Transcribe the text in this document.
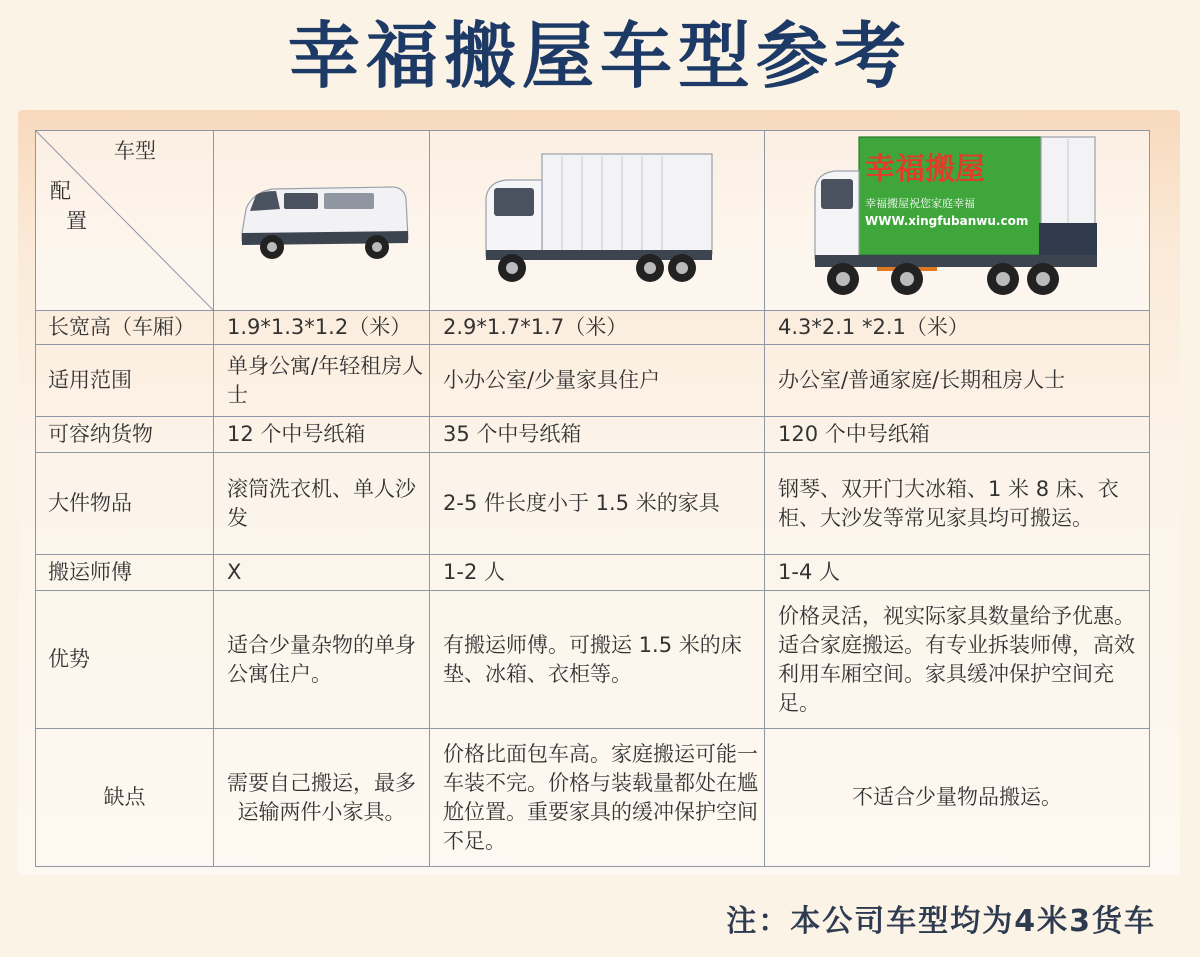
幸福搬屋车型参考
车型
配
置			幸福搬屋
幸福搬屋祝您家庭幸福
WWW.xingfubanwu.com

长宽高（车厢）	1.9*1.3*1.2（米）	2.9*1.7*1.7（米）	4.3*2.1 *2.1（米）
适用范围	单身公寓/年轻租房人士	小办公室/少量家具住户	办公室/普通家庭/长期租房人士
可容纳货物	12 个中号纸箱	35 个中号纸箱	120 个中号纸箱
大件物品	滚筒洗衣机、单人沙发	2-5 件长度小于 1.5 米的家具	钢琴、双开门大冰箱、1 米 8 床、衣柜、大沙发等常见家具均可搬运。
搬运师傅	X	1-2 人	1-4 人
优势	适合少量杂物的单身公寓住户。	有搬运师傅。可搬运 1.5 米的床垫、冰箱、衣柜等。	价格灵活，视实际家具数量给予优惠。适合家庭搬运。有专业拆装师傅，高效利用车厢空间。家具缓冲保护空间充足。
缺点	需要自己搬运，最多运输两件小家具。	价格比面包车高。家庭搬运可能一车装不完。价格与装载量都处在尴尬位置。重要家具的缓冲保护空间不足。	不适合少量物品搬运。
注：本公司车型均为4米3货车
